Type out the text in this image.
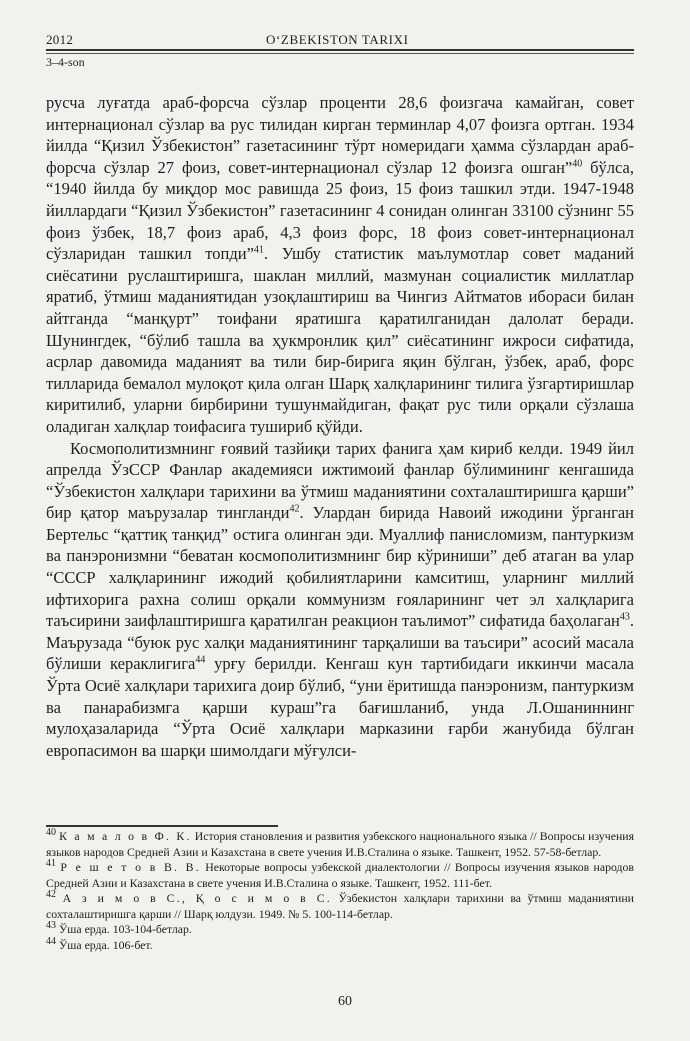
2012	O‘ZBEKISTON TARIXI
3–4-son

русча луғатда араб-форсча сўзлар проценти 28,6 фоизгача камайган, совет интернационал сўзлар ва рус тилидан кирган терминлар 4,07 фоизга ортган. 1934 йилда “Қизил Ўзбекистон” газетасининг тўрт номеридаги ҳамма сўзлардан араб-форсча сўзлар 27 фоиз, совет-интернационал сўзлар 12 фоизга ошган”$^{40}$ бўлса, “1940 йилда бу миқдор мос равишда 25 фоиз, 15 фоиз ташкил этди. 1947-1948 йиллардаги “Қизил Ўзбекистон” газетасининг 4 сонидан олинган 33100 сўзнинг 55 фоиз ўзбек, 18,7 фоиз араб, 4,3 фоиз форс, 18 фоиз совет-интернационал сўзларидан ташкил топди”$^{41}$. Ушбу статистик маълумотлар совет маданий сиёсатини руслаштиришга, шаклан миллий, мазмунан социалистик миллатлар яратиб, ўтмиш маданиятидан узоқлаштириш ва Чингиз Айтматов ибораси билан айтганда “манқурт” тоифани яратишга қаратилганидан далолат беради. Шунингдек, “бўлиб ташла ва ҳукмронлик қил” сиёсатининг ижроси сифатида, асрлар давомида маданият ва тили бир-бирига яқин бўлган, ўзбек, араб, форс тилларида бемалол мулоқот қила олган Шарқ халқларининг тилига ўзгартиришлар киритилиб, уларни бирбирини тушунмайдиган, фақат рус тили орқали сўзлаша оладиган халқлар тоифасига тушириб қўйди.

Космополитизмнинг ғоявий тазйиқи тарих фанига ҳам кириб келди. 1949 йил апрелда ЎзССР Фанлар академияси ижтимоий фанлар бўлимининг кенгашида “Ўзбекистон халқлари тарихини ва ўтмиш маданиятини сохталаштиришга қарши” бир қатор маърузалар тингланди$^{42}$. Улардан бирида Навоий ижодини ўрганган Бертельс “қаттиқ танқид” остига олинган эди. Муаллиф панисломизм, пантуркизм ва панэронизмни “беватан космополитизмнинг бир кўриниши” деб атаган ва улар “СССР халқларининг ижодий қобилиятларини камситиш, уларнинг миллий ифтихорига рахна солиш орқали коммунизм ғояларининг чет эл халқларига таъсирини заифлаштиришга қаратилган реакцион таълимот” сифатида баҳолаган$^{43}$. Маърузада “буюк рус халқи маданиятининг тарқалиши ва таъсири” асосий масала бўлиши кераклигига$^{44}$ урғу берилди. Кенгаш кун тартибидаги иккинчи масала Ўрта Осиё халқлари тарихига доир бўлиб, “уни ёритишда панэронизм, пантуркизм ва панарабизмга қарши кураш”га бағишланиб, унда Л.Ошаниннинг мулоҳазаларида “Ўрта Осиё халқлари марказини ғарби жанубида бўлган европасимон ва шарқи шимолдаги мўғулси-

$^{40}$ К а м а л о в Ф. К. История становления и развития узбекского национального языка // Вопросы изучения языков народов Средней Азии и Казахстана в свете учения И.В.Сталина о языке. Ташкент, 1952. 57-58-бетлар.

$^{41}$ Р е ш е т о в В. В. Некоторые вопросы узбекской диалектологии // Вопросы изучения языков народов Средней Азии и Казахстана в свете учения И.В.Сталина о языке. Ташкент, 1952. 111-бет.

$^{42}$ А з и м о в С., Қ о с и м о в С. Ўзбекистон халқлари тарихини ва ўтмиш маданиятини сохталаштиришга қарши // Шарқ юлдузи. 1949. № 5. 100-114-бетлар.

$^{43}$ Ўша ерда. 103-104-бетлар.

$^{44}$ Ўша ерда. 106-бет.

60
